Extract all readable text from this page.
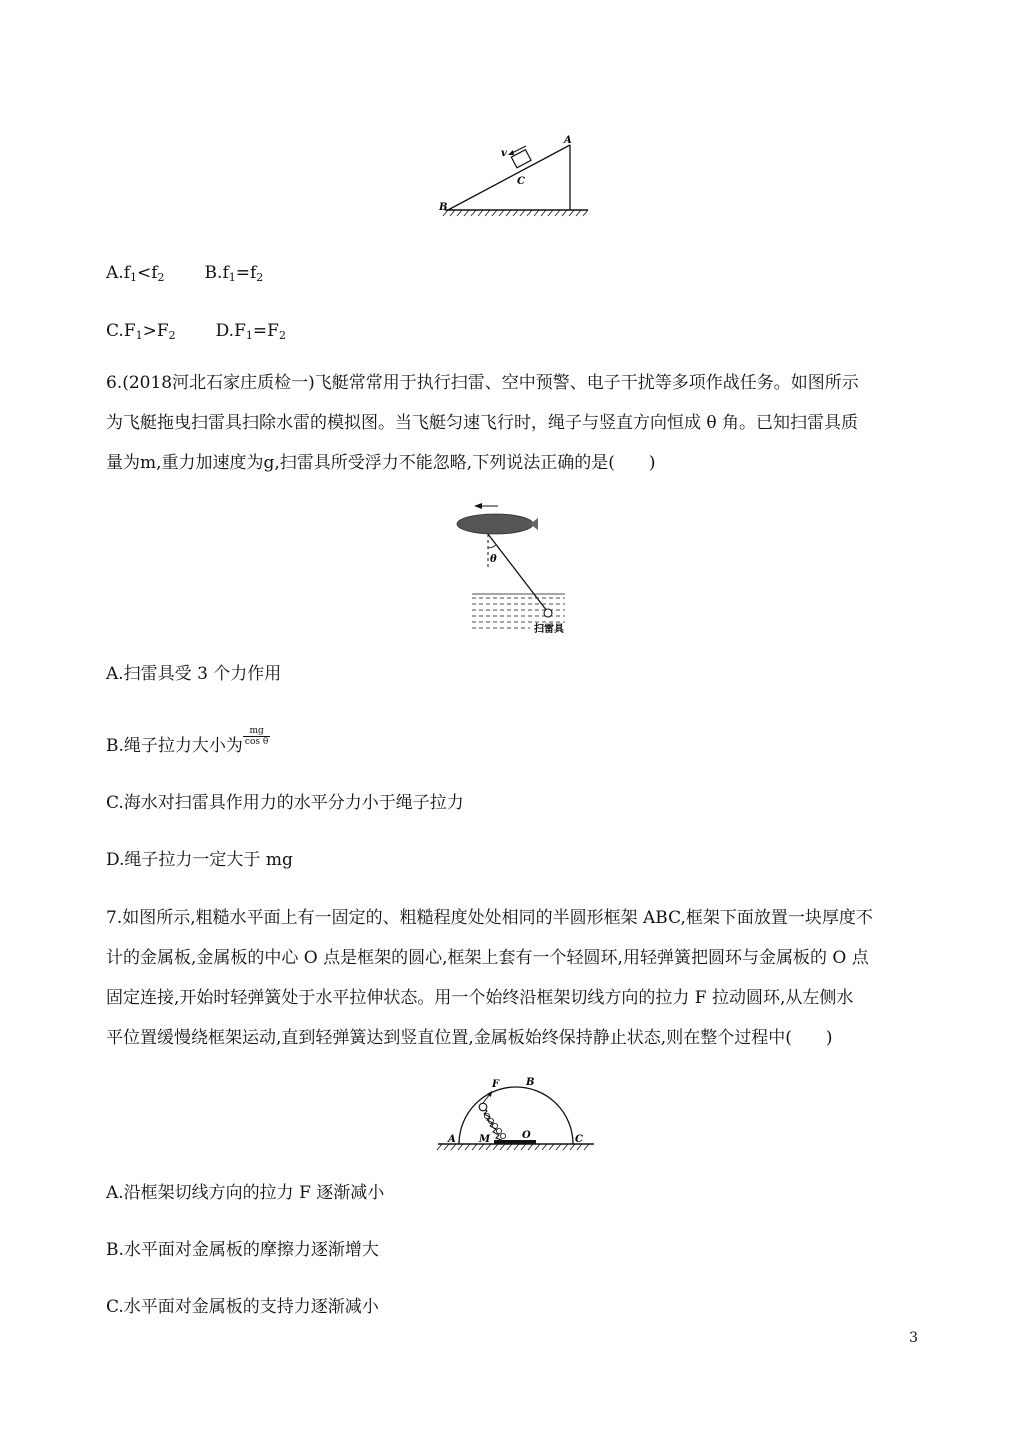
v
C
A
B
$A.f_1<f_2$ $B.f_1=f_2$
$C.F_1>F_2$ $D.F_1=F_2$
6.(2018河北石家庄质检一)飞艇常常用于执行扫雷、空中预警、电子干扰等多项作战任务。如图所示
为飞艇拖曳扫雷具扫除水雷的模拟图。当飞艇匀速飞行时，绳子与竖直方向恒成 θ 角。已知扫雷具质
量为m,重力加速度为g,扫雷具所受浮力不能忽略,下列说法正确的是(　　)
θ
扫雷具
A.扫雷具受 3 个力作用
B.绳子拉力大小为 $\frac{mg}{\text{cos θ}}$
C.海水对扫雷具作用力的水平分力小于绳子拉力
D.绳子拉力一定大于 mg
7.如图所示,粗糙水平面上有一固定的、粗糙程度处处相同的半圆形框架 ABC,框架下面放置一块厚度不
计的金属板,金属板的中心 O 点是框架的圆心,框架上套有一个轻圆环,用轻弹簧把圆环与金属板的 O 点
固定连接,开始时轻弹簧处于水平拉伸状态。用一个始终沿框架切线方向的拉力 F 拉动圆环,从左侧水
平位置缓慢绕框架运动,直到轻弹簧达到竖直位置,金属板始终保持静止状态,则在整个过程中(　　)
F	B
A	C
M	O
A.沿框架切线方向的拉力 F 逐渐减小
B.水平面对金属板的摩擦力逐渐增大
C.水平面对金属板的支持力逐渐减小
3
